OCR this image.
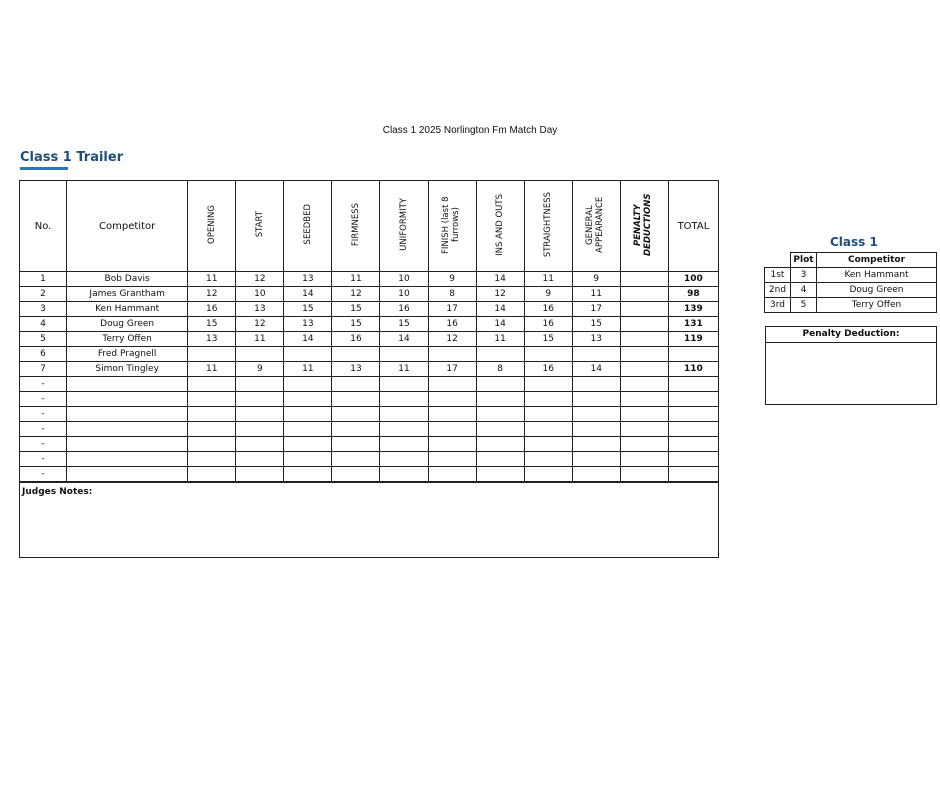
Class 1 2025 Norlington Fm Match Day
Class 1 Trailer
No.	Competitor	OPENING	START	SEEDBED	FIRMNESS	UNIFORMITY	FINISH (last 8 furrows)	INS AND OUTS	STRAIGHTNESS	GENERAL APPEARANCE	PENALTY DEDUCTIONS	TOTAL
1	Bob Davis	11	12	13	11	10	9	14	11	9		100
2	James Grantham	12	10	14	12	10	8	12	9	11		98
3	Ken Hammant	16	13	15	15	16	17	14	16	17		139
4	Doug Green	15	12	13	15	15	16	14	16	15		131
5	Terry Offen	13	11	14	16	14	12	11	15	13		119
6	Fred Pragnell											
7	Simon Tingley	11	9	11	13	11	17	8	16	14		110
-												
-												
-												
-												
-												
-												
-												

Judges Notes:												
Class 1
	Plot	Competitor
1st	3	Ken Hammant
2nd	4	Doug Green
3rd	5	Terry Offen
Penalty Deduction:
